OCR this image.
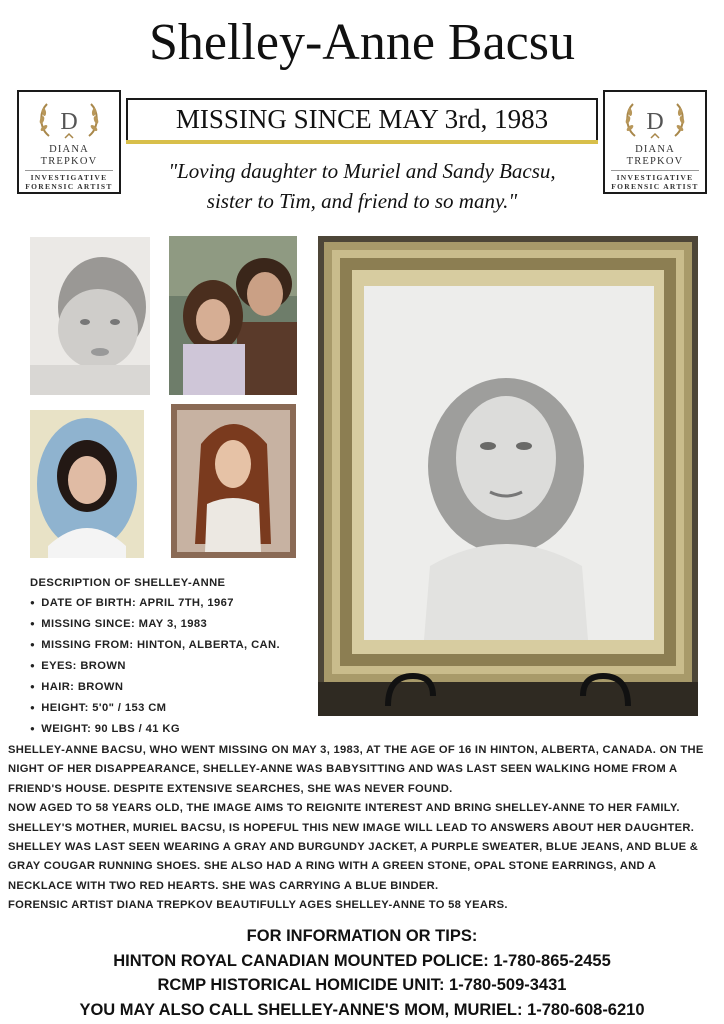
Shelley-Anne Bacsu
D
DIANA
TREPKOV
INVESTIGATIVE
FORENSIC ARTIST
D
DIANA
TREPKOV
INVESTIGATIVE
FORENSIC ARTIST
MISSING SINCE MAY 3rd, 1983
"Loving daughter to Muriel and Sandy Bacsu,
sister to Tim, and friend to so many."
DESCRIPTION OF SHELLEY-ANNE
● DATE OF BIRTH: APRIL 7TH, 1967
● MISSING SINCE: MAY 3, 1983
● MISSING FROM: HINTON, ALBERTA, CAN.
● EYES: BROWN
● HAIR: BROWN
● HEIGHT: 5'0" / 153 CM
● WEIGHT: 90 LBS / 41 KG

SHELLEY-ANNE BACSU, WHO WENT MISSING ON MAY 3, 1983, AT THE AGE OF 16 IN HINTON, ALBERTA, CANADA. ON THE NIGHT OF HER DISAPPEARANCE, SHELLEY-ANNE WAS BABYSITTING AND WAS LAST SEEN WALKING HOME FROM A FRIEND'S HOUSE. DESPITE EXTENSIVE SEARCHES, SHE WAS NEVER FOUND.

NOW AGED TO 58 YEARS OLD, THE IMAGE AIMS TO REIGNITE INTEREST AND BRING SHELLEY-ANNE TO HER FAMILY. SHELLEY'S MOTHER, MURIEL BACSU, IS HOPEFUL THIS NEW IMAGE WILL LEAD TO ANSWERS ABOUT HER DAUGHTER. SHELLEY WAS LAST SEEN WEARING A GRAY AND BURGUNDY JACKET, A PURPLE SWEATER, BLUE JEANS, AND BLUE & GRAY COUGAR RUNNING SHOES. SHE ALSO HAD A RING WITH A GREEN STONE, OPAL STONE EARRINGS, AND A NECKLACE WITH TWO RED HEARTS. SHE WAS CARRYING A BLUE BINDER.

FORENSIC ARTIST DIANA TREPKOV BEAUTIFULLY AGES SHELLEY-ANNE TO 58 YEARS.

FOR INFORMATION OR TIPS:
HINTON ROYAL CANADIAN MOUNTED POLICE: 1-780-865-2455
RCMP HISTORICAL HOMICIDE UNIT: 1-780-509-3431
YOU MAY ALSO CALL SHELLEY-ANNE'S MOM, MURIEL: 1-780-608-6210
